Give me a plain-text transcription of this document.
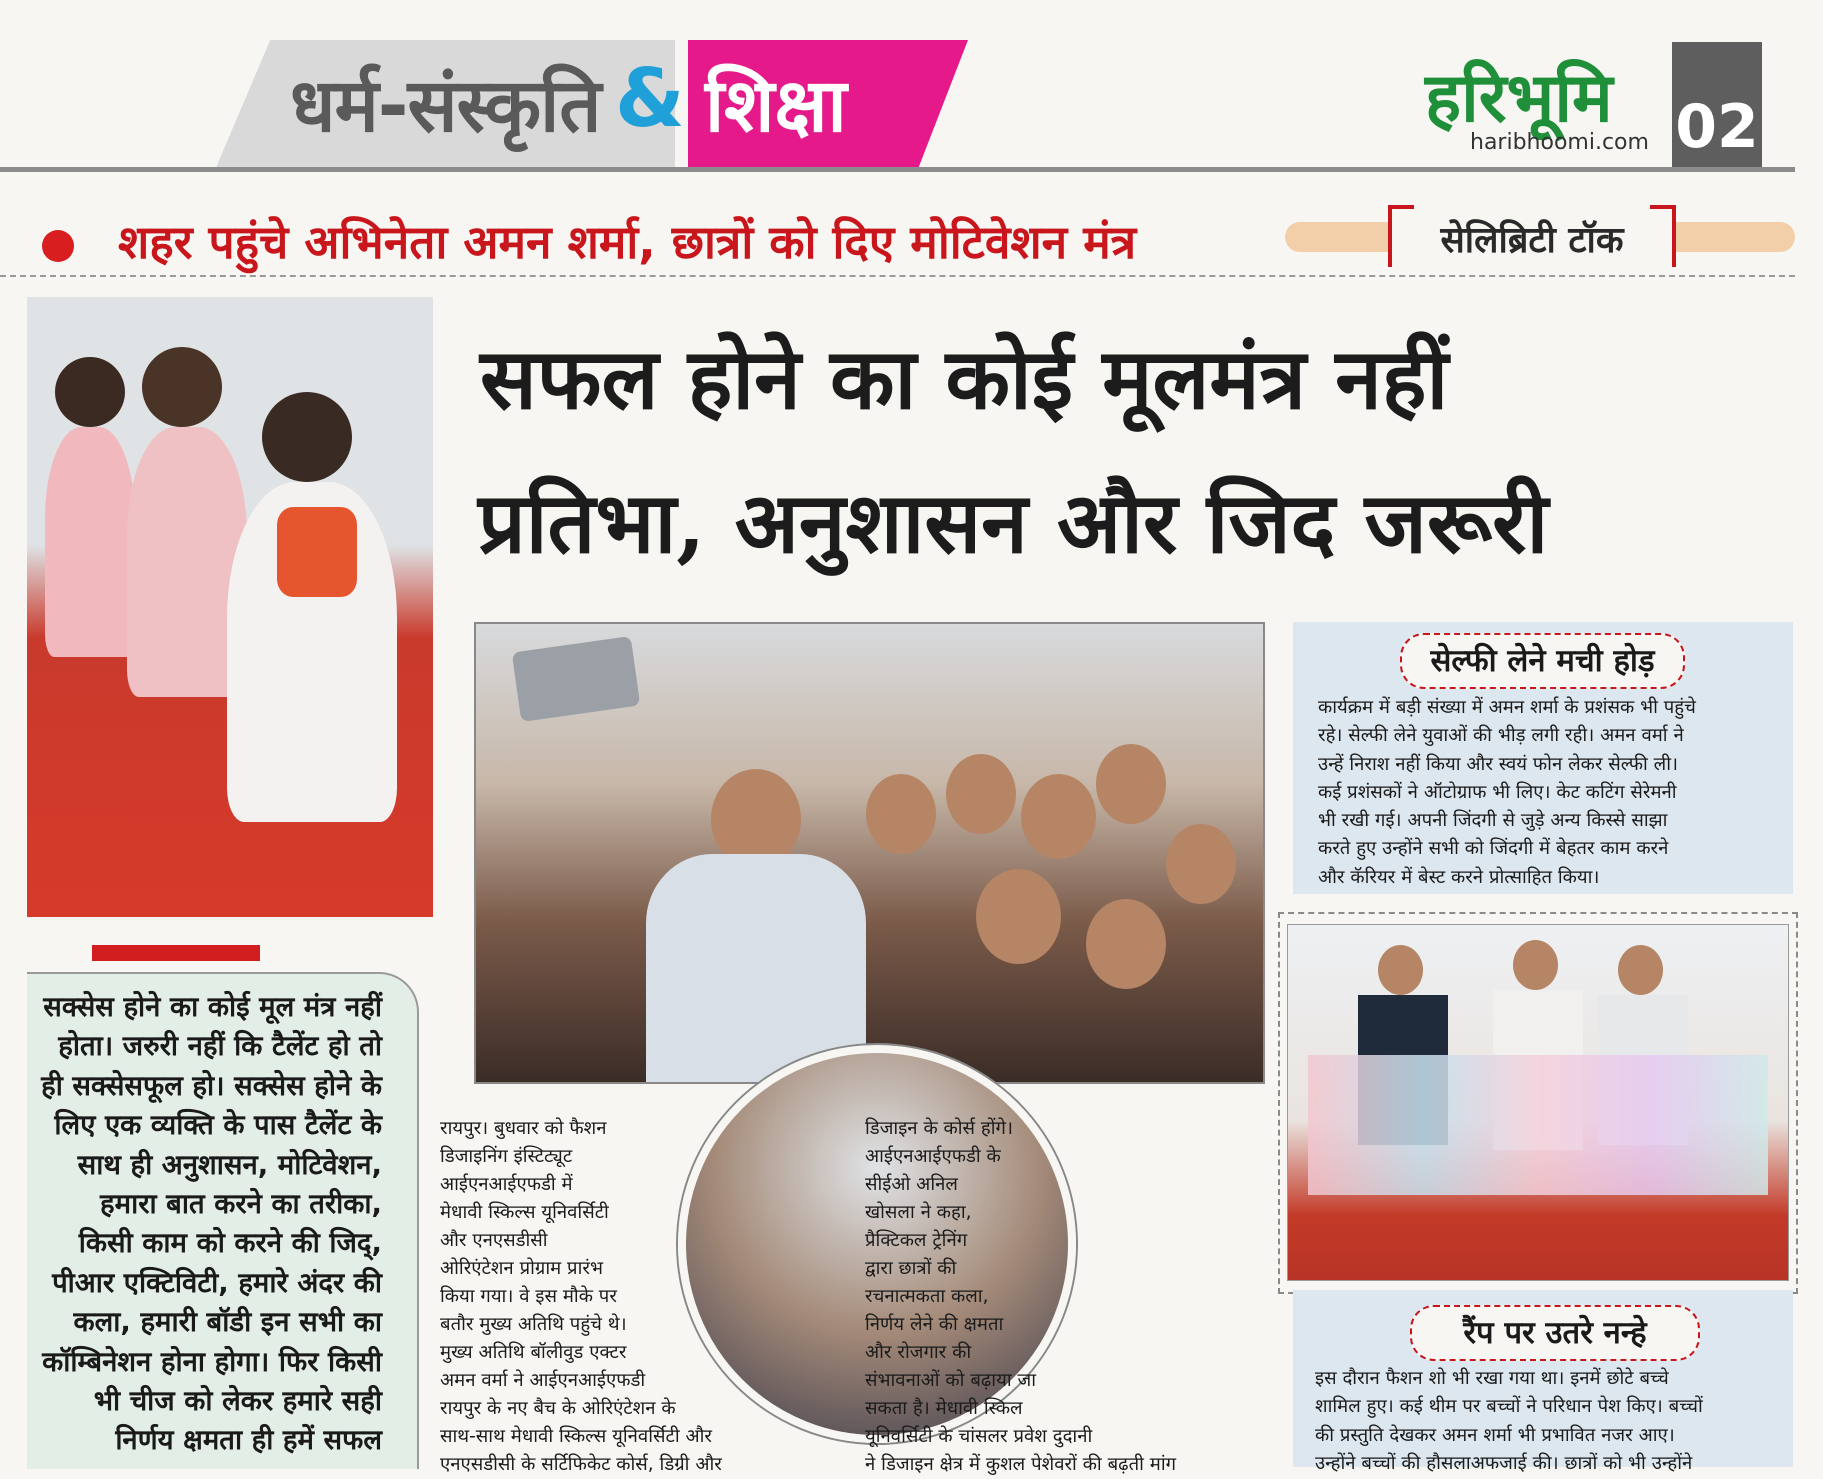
धर्म-संस्कृति & शिक्षा	हरिभूमि
haribhoomi.com 02
शहर पहुंचे अभिनेता अमन शर्मा, छात्रों को दिए मोटिवेशन मंत्र	सेलिब्रिटी टॉक
सफल होने का कोई मूलमंत्र नहीं
प्रतिभा, अनुशासन और जिद जरूरी
सक्सेस होने का कोई मूल मंत्र नहीं होता। जरुरी नहीं कि टैलेंट हो तो ही सक्सेसफूल हो। सक्सेस होने के लिए एक व्यक्ति के पास टैलेंट के साथ ही अनुशासन, मोटिवेशन, हमारा बात करने का तरीका, किसी काम को करने की जिद्, पीआर एक्टिविटी, हमारे अंदर की कला, हमारी बॉडी इन सभी का कॉम्बिनेशन होना होगा। फिर किसी भी चीज को लेकर हमारे सही निर्णय क्षमता ही हमें सफल
रायपुर। बुधवार को फैशन
डिजाइनिंग इंस्टिट्यूट
आईएनआईएफडी में
मेधावी स्किल्स यूनिवर्सिटी
और एनएसडीसी
ओरिएंटेशन प्रोग्राम प्रारंभ
किया गया। वे इस मौके पर
बतौर मुख्य अतिथि पहुंचे थे।
मुख्य अतिथि बॉलीवुड एक्टर
अमन वर्मा ने आईएनआईएफडी
रायपुर के नए बैच के ओरिएंटेशन के
साथ-साथ मेधावी स्किल्स यूनिवर्सिटी और
एनएसडीसी के सर्टिफिकेट कोर्स, डिग्री और
डिजाइन के कोर्स होंगे।
आईएनआईएफडी के
सीईओ अनिल
खोसला ने कहा,
प्रैक्टिकल ट्रेनिंग
द्वारा छात्रों की
रचनात्मकता कला,
निर्णय लेने की क्षमता
और रोजगार की
संभावनाओं को बढ़ाया जा
सकता है। मेधावी स्किल
यूनिवर्सिटी के चांसलर प्रवेश दुदानी
ने डिजाइन क्षेत्र में कुशल पेशेवरों की बढ़ती मांग
सेल्फी लेने मची होड़
कार्यक्रम में बड़ी संख्या में अमन शर्मा के प्रशंसक भी पहुंचे
रहे। सेल्फी लेने युवाओं की भीड़ लगी रही। अमन वर्मा ने
उन्हें निराश नहीं किया और स्वयं फोन लेकर सेल्फी ली।
कई प्रशंसकों ने ऑटोग्राफ भी लिए। केट कटिंग सेरेमनी
भी रखी गई। अपनी जिंदगी से जुड़े अन्य किस्से साझा
करते हुए उन्होंने सभी को जिंदगी में बेहतर काम करने
और कॅरियर में बेस्ट करने प्रोत्साहित किया।
रैंप पर उतरे नन्हे
इस दौरान फैशन शो भी रखा गया था। इनमें छोटे बच्चे
शामिल हुए। कई थीम पर बच्चों ने परिधान पेश किए। बच्चों
की प्रस्तुति देखकर अमन शर्मा भी प्रभावित नजर आए।
उन्होंने बच्चों की हौसलाअफजाई की। छात्रों को भी उन्होंने
